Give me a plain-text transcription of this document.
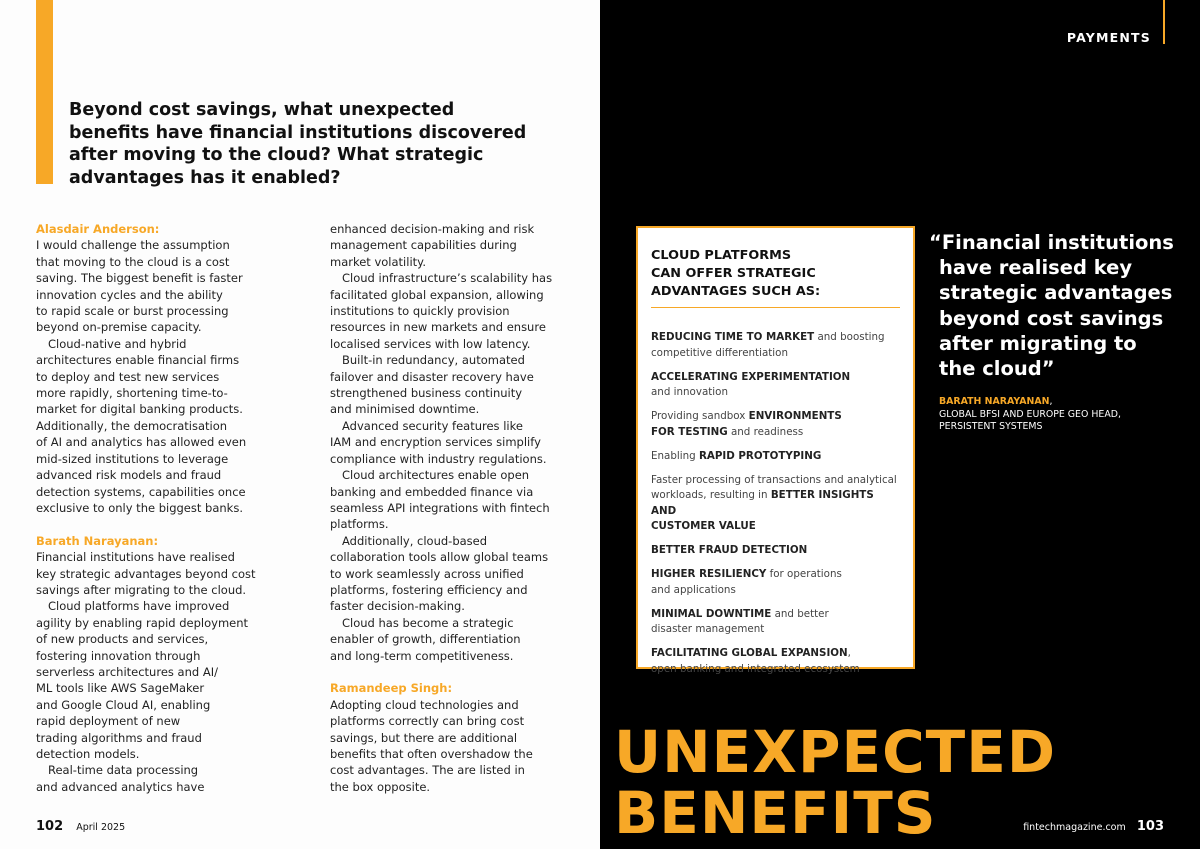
Beyond cost savings, what unexpected
benefits have financial institutions discovered
after moving to the cloud? What strategic
advantages has it enabled?

Alasdair Anderson:

I would challenge the assumption
that moving to the cloud is a cost
saving. The biggest benefit is faster
innovation cycles and the ability
to rapid scale or burst processing
beyond on-premise capacity.

Cloud-native and hybrid
architectures enable financial firms
to deploy and test new services
more rapidly, shortening time-to-
market for digital banking products.
Additionally, the democratisation
of AI and analytics has allowed even
mid-sized institutions to leverage
advanced risk models and fraud
detection systems, capabilities once
exclusive to only the biggest banks.

Barath Narayanan:

Financial institutions have realised
key strategic advantages beyond cost
savings after migrating to the cloud.

Cloud platforms have improved
agility by enabling rapid deployment
of new products and services,
fostering innovation through
serverless architectures and AI/
ML tools like AWS SageMaker
and Google Cloud AI, enabling
rapid deployment of new
trading algorithms and fraud
detection models.

Real-time data processing
and advanced analytics have

enhanced decision-making and risk
management capabilities during
market volatility.

Cloud infrastructure’s scalability has
facilitated global expansion, allowing
institutions to quickly provision
resources in new markets and ensure
localised services with low latency.

Built-in redundancy, automated
failover and disaster recovery have
strengthened business continuity
and minimised downtime.

Advanced security features like
IAM and encryption services simplify
compliance with industry regulations.

Cloud architectures enable open
banking and embedded finance via
seamless API integrations with fintech
platforms.

Additionally, cloud-based
collaboration tools allow global teams
to work seamlessly across unified
platforms, fostering efficiency and
faster decision-making.

Cloud has become a strategic
enabler of growth, differentiation
and long-term competitiveness.

Ramandeep Singh:

Adopting cloud technologies and
platforms correctly can bring cost
savings, but there are additional
benefits that often overshadow the
cost advantages. The are listed in
the box opposite.

102 April 2025
PAYMENTS
CLOUD PLATFORMS
CAN OFFER STRATEGIC
ADVANTAGES SUCH AS:
REDUCING TIME TO MARKET and boosting
competitive differentiation
ACCELERATING EXPERIMENTATION
and innovation
Providing sandbox ENVIRONMENTS
FOR TESTING and readiness
Enabling RAPID PROTOTYPING
Faster processing of transactions and analytical
workloads, resulting in BETTER INSIGHTS AND
CUSTOMER VALUE
BETTER FRAUD DETECTION
HIGHER RESILIENCY for operations
and applications
MINIMAL DOWNTIME and better
disaster management
FACILITATING GLOBAL EXPANSION,
open banking and integrated ecosystem
“Financial institutions
have realised key
strategic advantages
beyond cost savings
after migrating to
the cloud”
BARATH NARAYANAN,
GLOBAL BFSI AND EUROPE GEO HEAD,
PERSISTENT SYSTEMS
UNEXPECTED
BENEFITS	fintechmagazine.com 103
